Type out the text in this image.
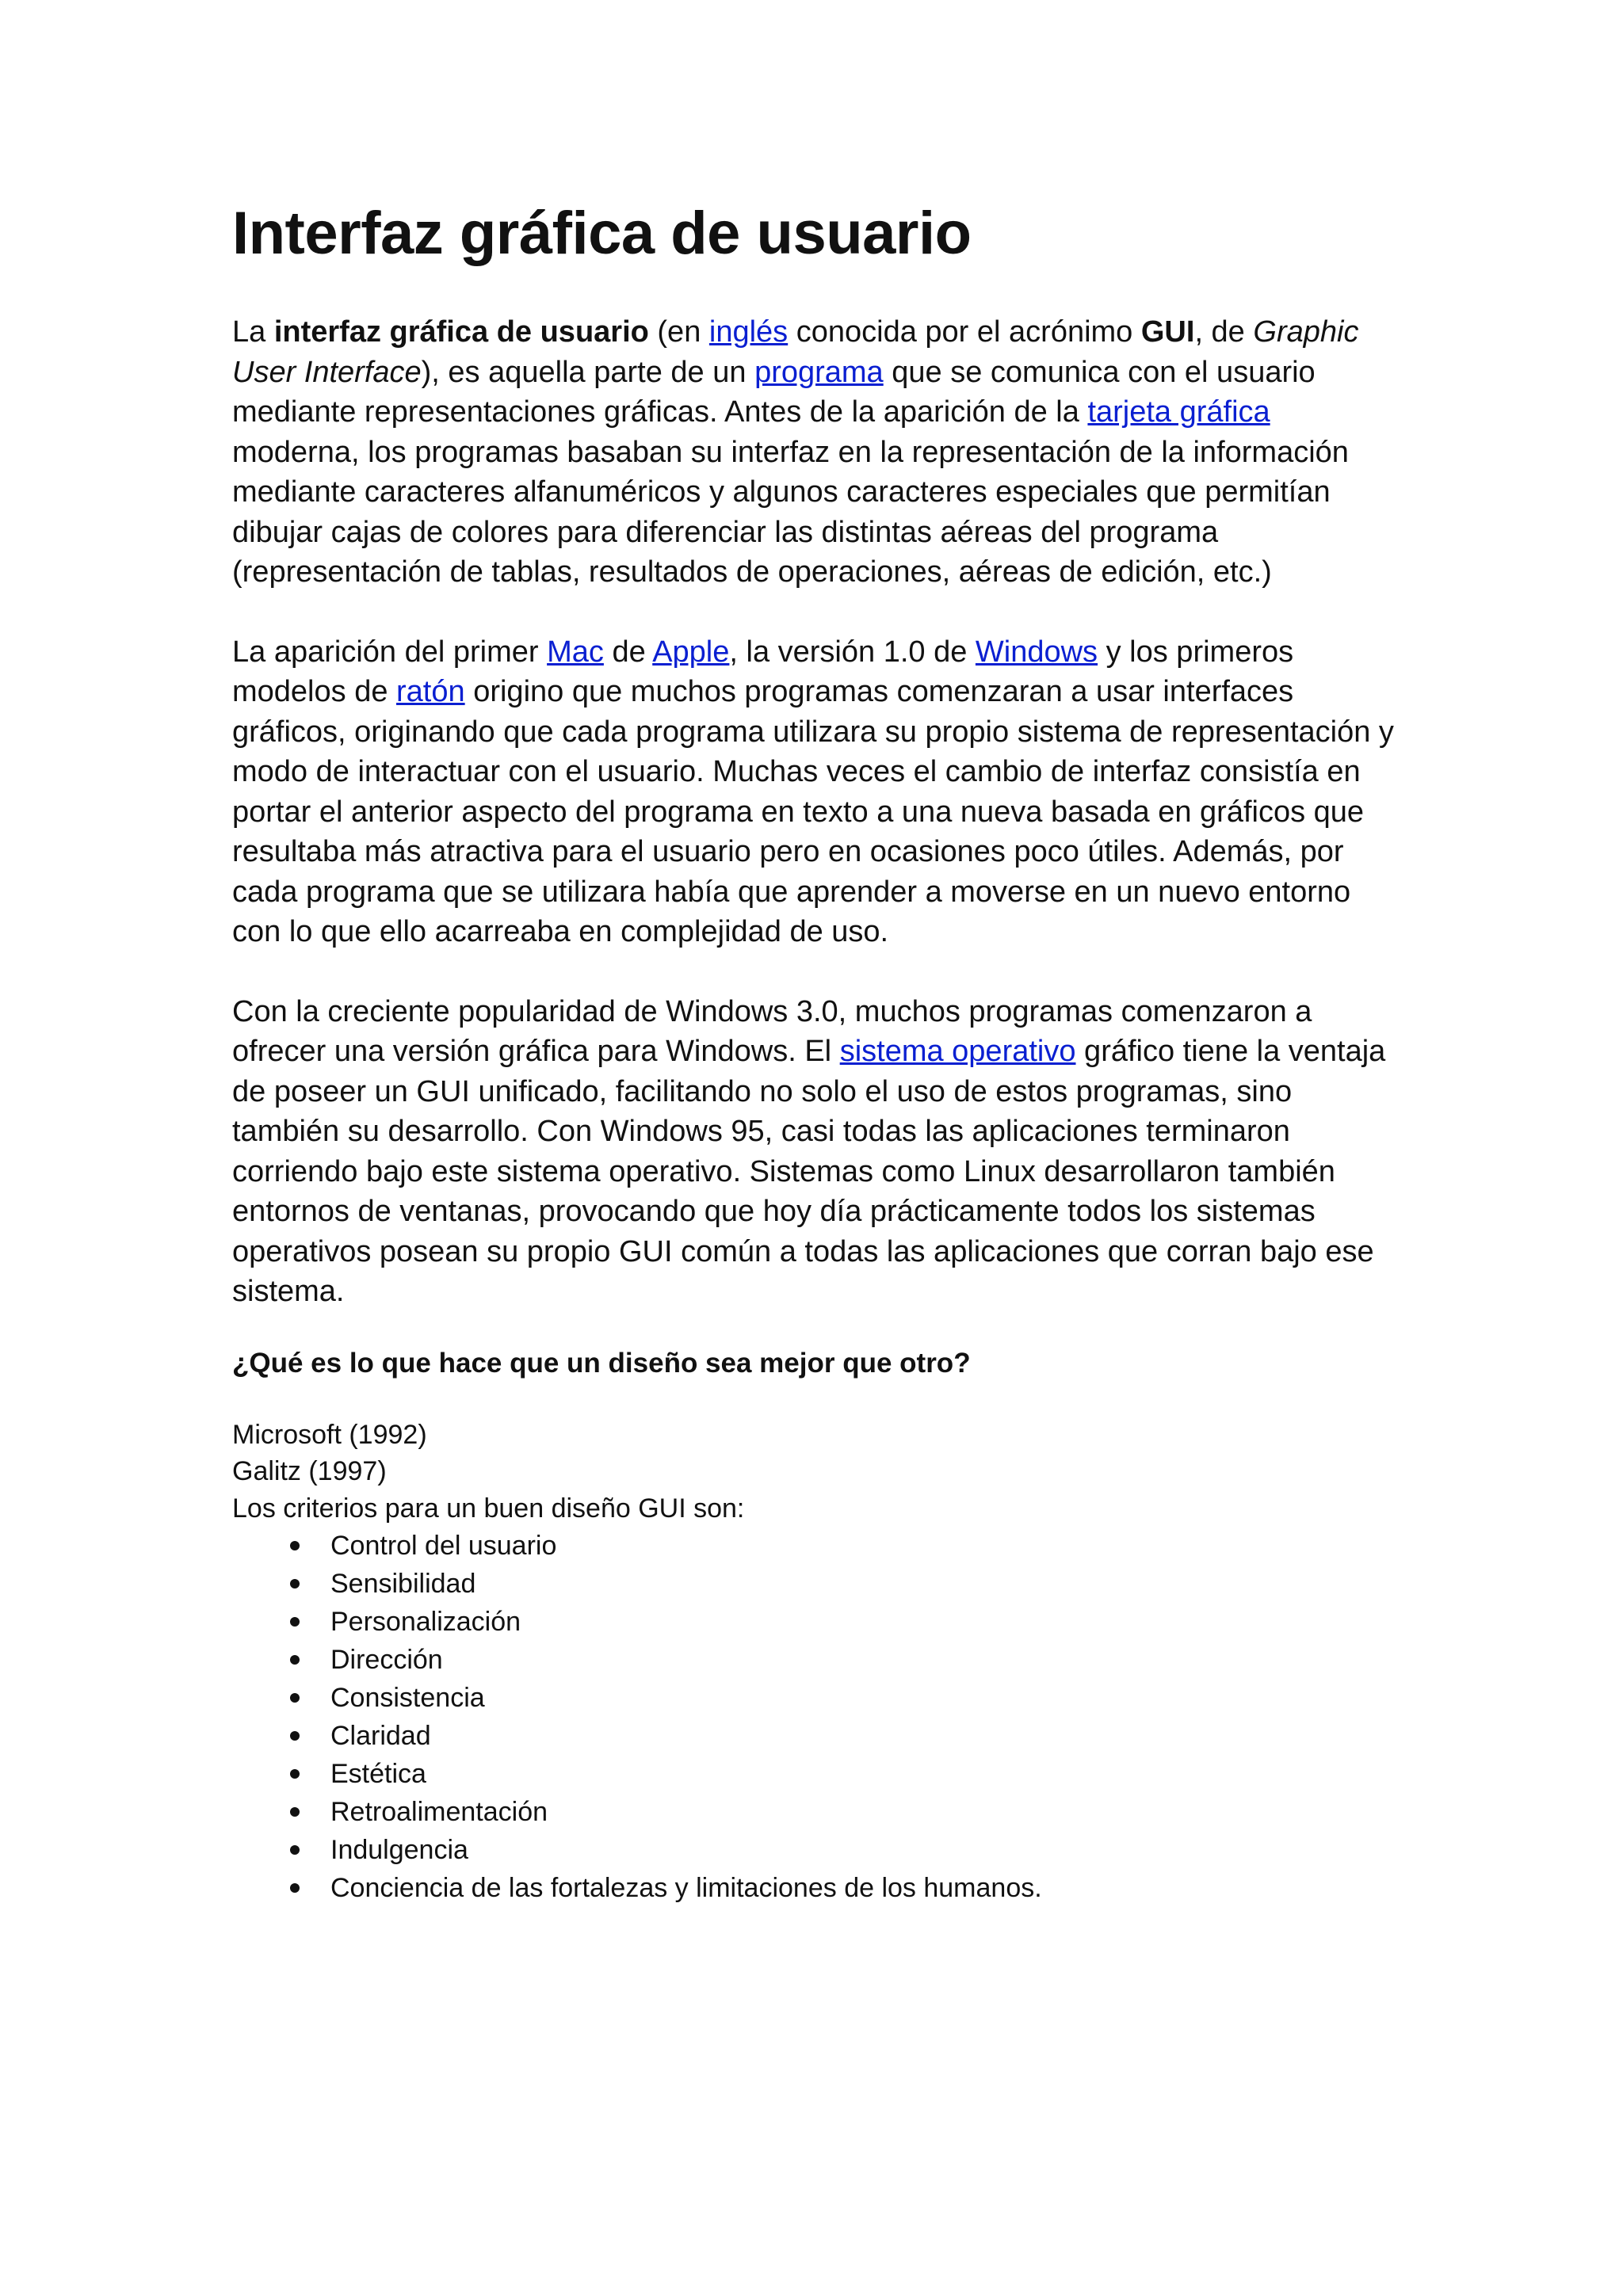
Interfaz gráfica de usuario

La interfaz gráfica de usuario (en inglés conocida por el acrónimo GUI, de Graphic User Interface), es aquella parte de un programa que se comunica con el usuario mediante representaciones gráficas. Antes de la aparición de la tarjeta gráfica moderna, los programas basaban su interfaz en la representación de la información mediante caracteres alfanuméricos y algunos caracteres especiales que permitían dibujar cajas de colores para diferenciar las distintas aéreas del programa (representación de tablas, resultados de operaciones, aéreas de edición, etc.)

La aparición del primer Mac de Apple, la versión 1.0 de Windows y los primeros modelos de ratón origino que muchos programas comenzaran a usar interfaces gráficos, originando que cada programa utilizara su propio sistema de representación y modo de interactuar con el usuario. Muchas veces el cambio de interfaz consistía en portar el anterior aspecto del programa en texto a una nueva basada en gráficos que resultaba más atractiva para el usuario pero en ocasiones poco útiles. Además, por cada programa que se utilizara había que aprender a moverse en un nuevo entorno con lo que ello acarreaba en complejidad de uso.

Con la creciente popularidad de Windows 3.0, muchos programas comenzaron a ofrecer una versión gráfica para Windows. El sistema operativo gráfico tiene la ventaja de poseer un GUI unificado, facilitando no solo el uso de estos programas, sino también su desarrollo. Con Windows 95, casi todas las aplicaciones terminaron corriendo bajo este sistema operativo. Sistemas como Linux desarrollaron también entornos de ventanas, provocando que hoy día prácticamente todos los sistemas operativos posean su propio GUI común a todas las aplicaciones que corran bajo ese sistema.

¿Qué es lo que hace que un diseño sea mejor que otro?

Microsoft (1992)

Galitz (1997)

Los criterios para un buen diseño GUI son:

Control del usuario
Sensibilidad
Personalización
Dirección
Consistencia
Claridad
Estética
Retroalimentación
Indulgencia
Conciencia de las fortalezas y limitaciones de los humanos.
